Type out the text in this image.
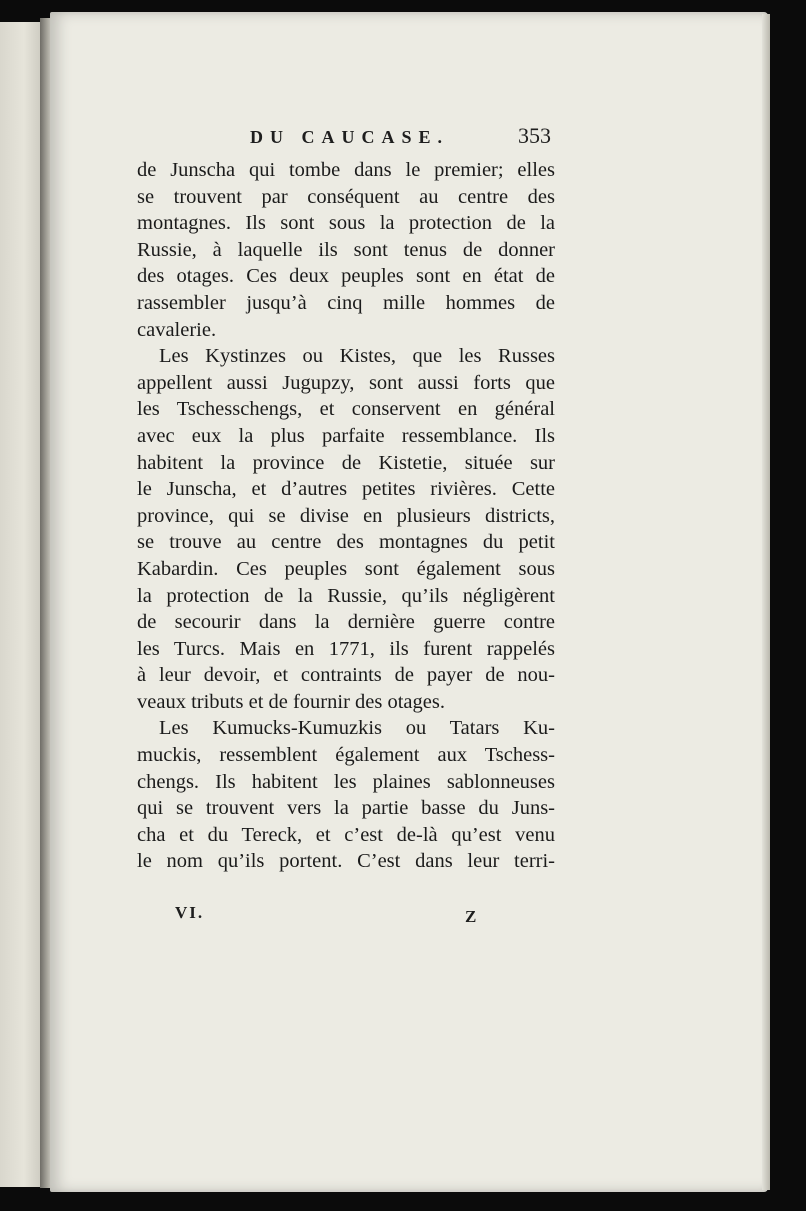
DU CAUCASE.	353
de Junscha qui tombe dans le premier; elles
se trouvent par conséquent au centre des
montagnes. Ils sont sous la protection de la
Russie, à laquelle ils sont tenus de donner
des otages. Ces deux peuples sont en état de
rassembler jusqu’à cinq mille hommes de
cavalerie.
Les Kystinzes ou Kistes, que les Russes
appellent aussi Jugupzy, sont aussi forts que
les Tschesschengs, et conservent en général
avec eux la plus parfaite ressemblance. Ils
habitent la province de Kistetie, située sur
le Junscha, et d’autres petites rivières. Cette
province, qui se divise en plusieurs districts,
se trouve au centre des montagnes du petit
Kabardin. Ces peuples sont également sous
la protection de la Russie, qu’ils négligèrent
de secourir dans la dernière guerre contre
les Turcs. Mais en 1771, ils furent rappelés
à leur devoir, et contraints de payer de nou-
veaux tributs et de fournir des otages.
Les Kumucks-Kumuzkis ou Tatars Ku-
muckis, ressemblent également aux Tschess-
chengs. Ils habitent les plaines sablonneuses
qui se trouvent vers la partie basse du Juns-
cha et du Tereck, et c’est de-là qu’est venu
le nom qu’ils portent. C’est dans leur terri-
VI.	Z
